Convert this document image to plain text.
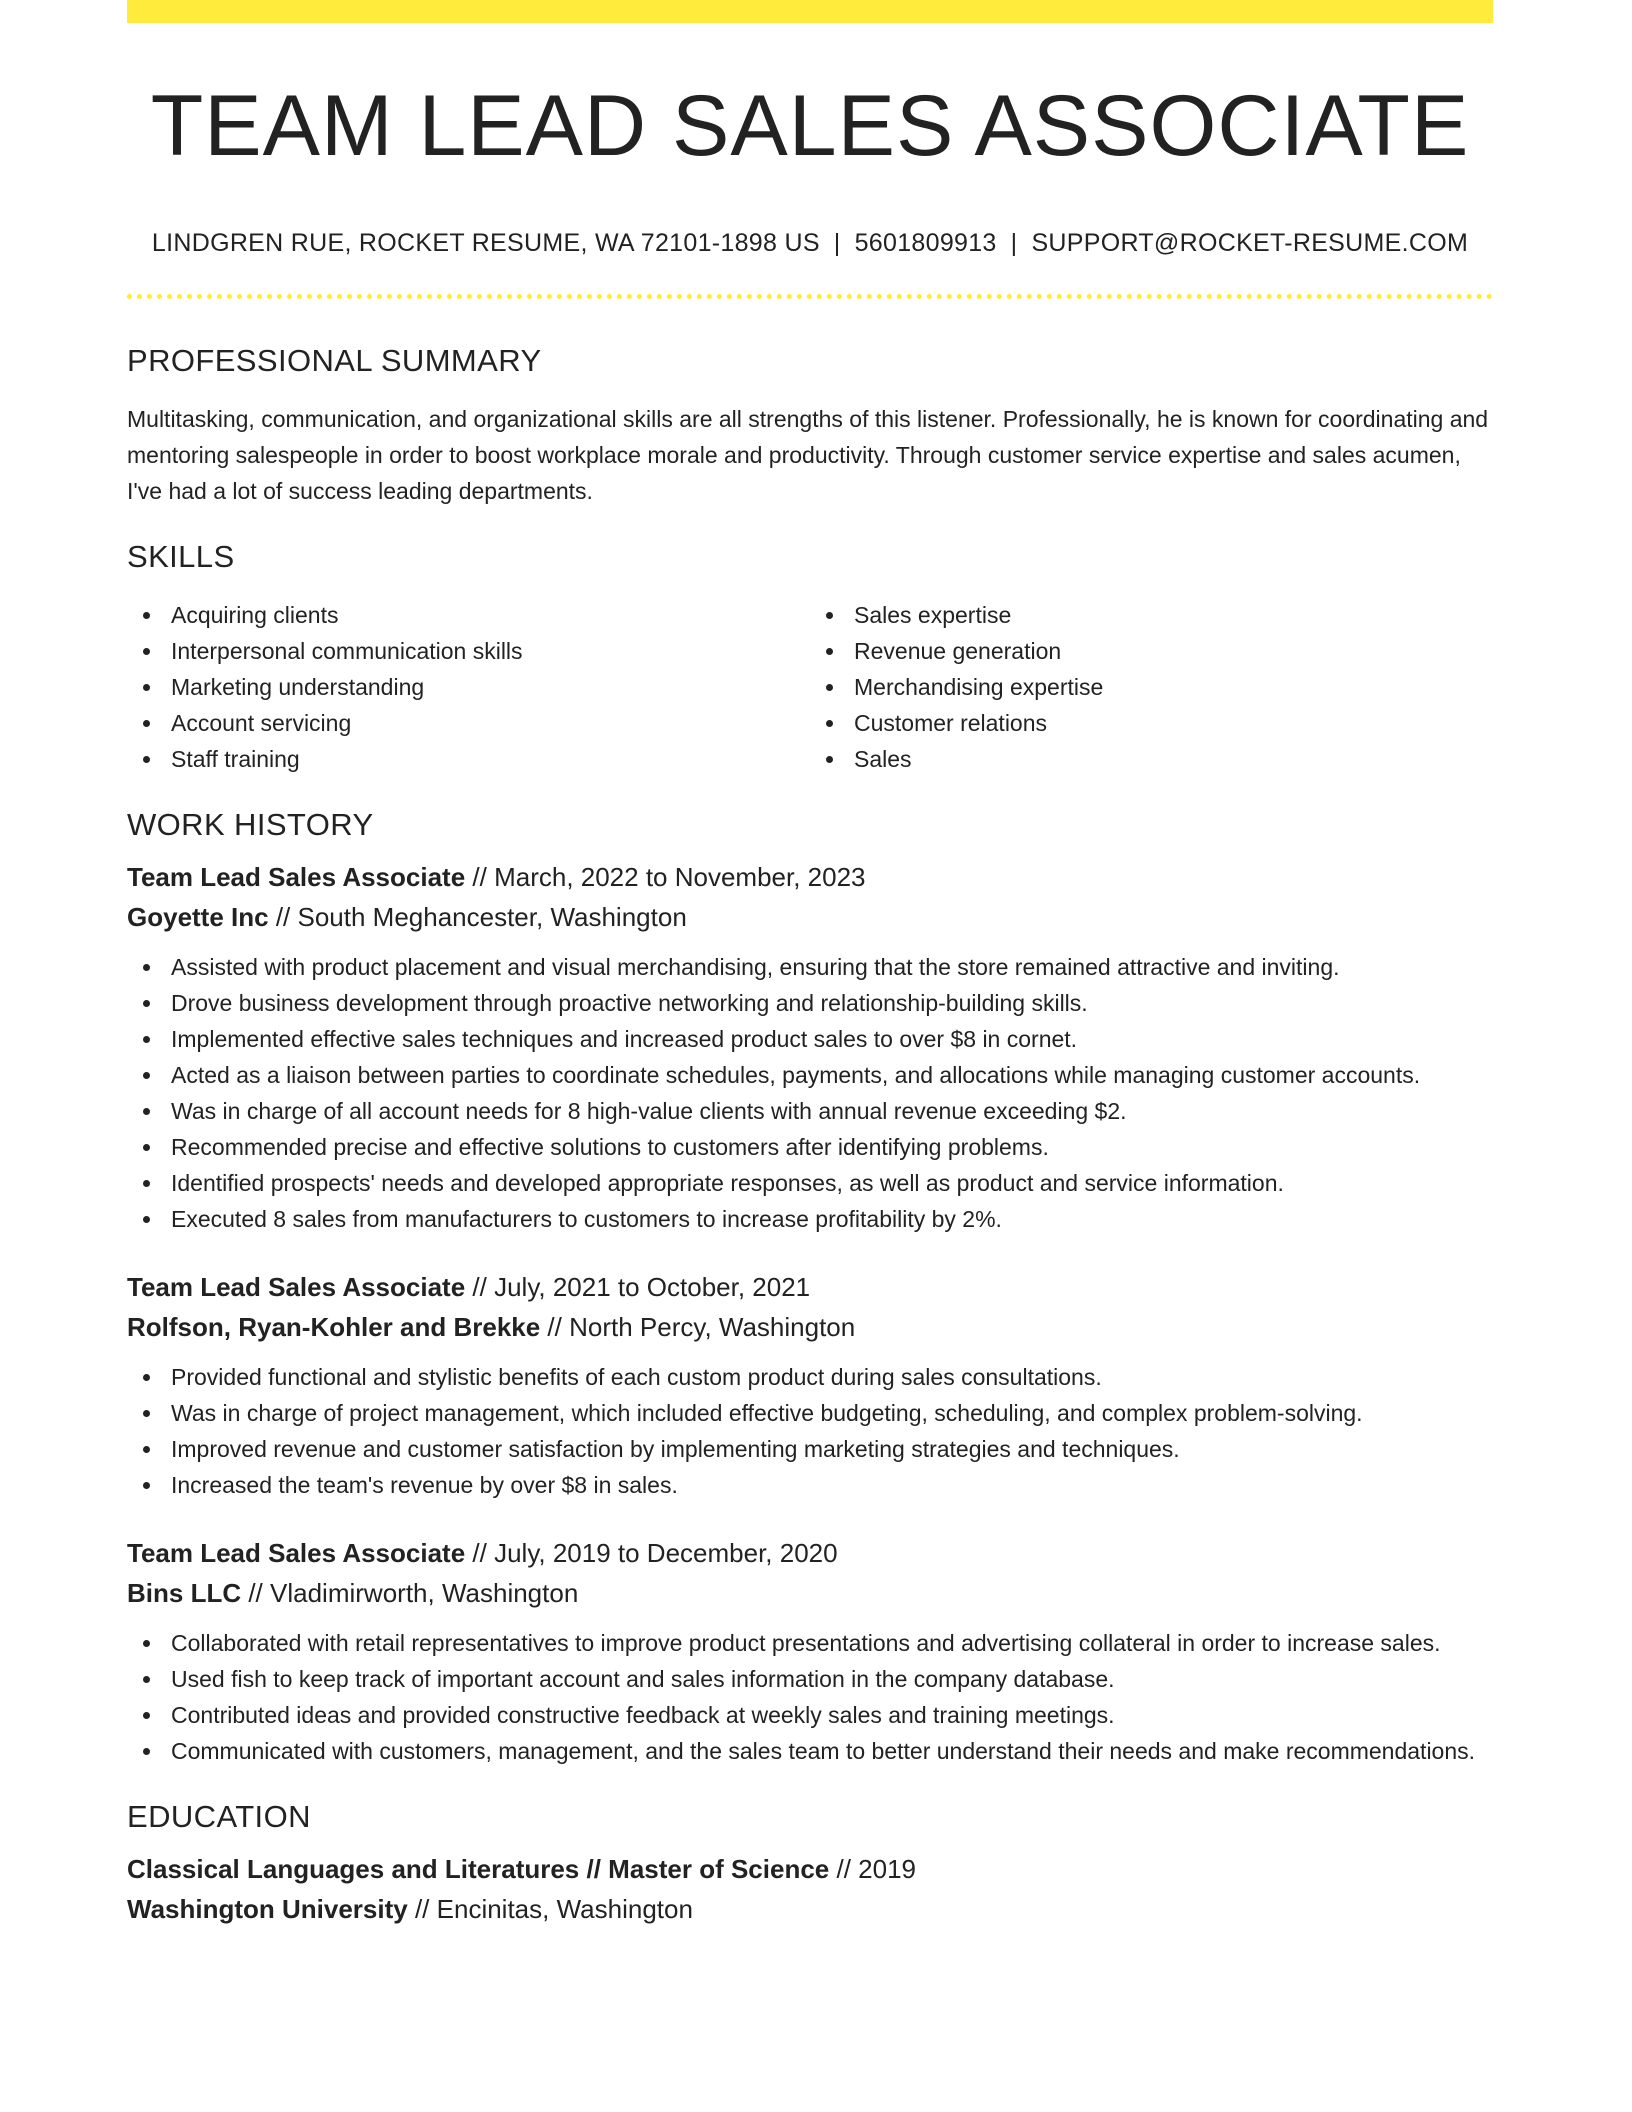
TEAM LEAD SALES ASSOCIATE
LINDGREN RUE, ROCKET RESUME, WA 72101-1898 US | 5601809913 | SUPPORT@ROCKET-RESUME.COM
PROFESSIONAL SUMMARY

Multitasking, communication, and organizational skills are all strengths of this listener. Professionally, he is known for coordinating and mentoring salespeople in order to boost workplace morale and productivity. Through customer service expertise and sales acumen, I've had a lot of success leading departments.

SKILLS
Acquiring clients
Interpersonal communication skills
Marketing understanding
Account servicing
Staff training
Sales expertise
Revenue generation
Merchandising expertise
Customer relations
Sales
WORK HISTORY
Team Lead Sales Associate // March, 2022 to November, 2023
Goyette Inc // South Meghancester, Washington
Assisted with product placement and visual merchandising, ensuring that the store remained attractive and inviting.
Drove business development through proactive networking and relationship-building skills.
Implemented effective sales techniques and increased product sales to over $8 in cornet.
Acted as a liaison between parties to coordinate schedules, payments, and allocations while managing customer accounts.
Was in charge of all account needs for 8 high-value clients with annual revenue exceeding $2.
Recommended precise and effective solutions to customers after identifying problems.
Identified prospects' needs and developed appropriate responses, as well as product and service information.
Executed 8 sales from manufacturers to customers to increase profitability by 2%.
Team Lead Sales Associate // July, 2021 to October, 2021
Rolfson, Ryan-Kohler and Brekke // North Percy, Washington
Provided functional and stylistic benefits of each custom product during sales consultations.
Was in charge of project management, which included effective budgeting, scheduling, and complex problem-solving.
Improved revenue and customer satisfaction by implementing marketing strategies and techniques.
Increased the team's revenue by over $8 in sales.
Team Lead Sales Associate // July, 2019 to December, 2020
Bins LLC // Vladimirworth, Washington
Collaborated with retail representatives to improve product presentations and advertising collateral in order to increase sales.
Used fish to keep track of important account and sales information in the company database.
Contributed ideas and provided constructive feedback at weekly sales and training meetings.
Communicated with customers, management, and the sales team to better understand their needs and make recommendations.
EDUCATION
Classical Languages and Literatures // Master of Science // 2019
Washington University // Encinitas, Washington
